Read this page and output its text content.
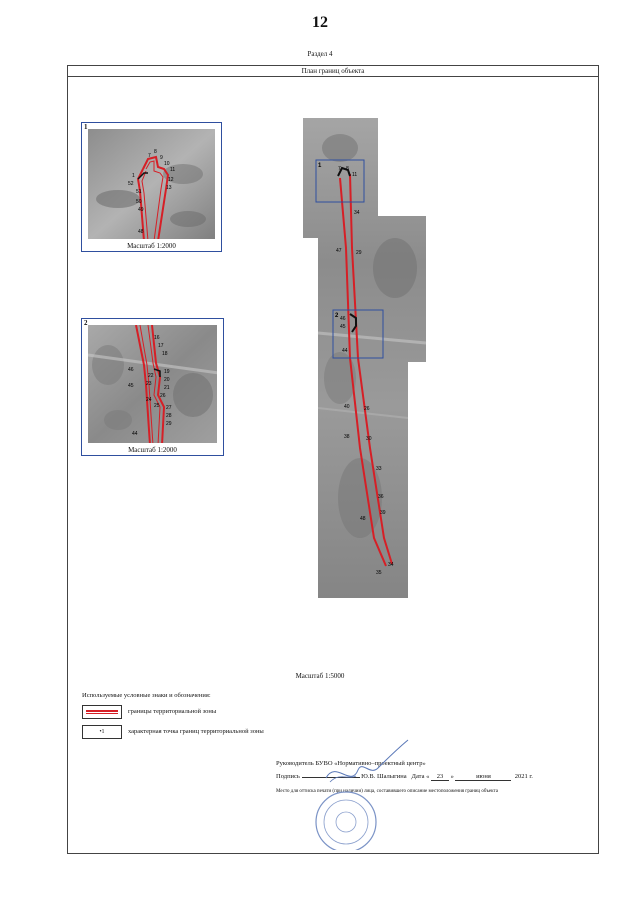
12
Раздел 4
План границ объекта
1
7
8
9
10
11
12
13
1
52
51
50
49
48
Масштаб 1:2000
2
16
17
18
19
20
21
22
23
24
25
26
27
28
29
45
44
46
Масштаб 1:2000
1
2
7 8
11
34
47	29
45
44
46
40	26
38	30
33
36
39
48
34
35
Масштаб 1:5000
Используемые условные знаки и обозначения:
границы территориальной зоны
•1	характерная точка границ территориальной зоны
Руководитель БУВО «Нормативно–проектный центр»
Подпись	Ю.В. Шалыгина Дата « 23 »	июня	2021 г.
Место для оттиска печати (при наличии) лица, составившего описание местоположения границ объекта
